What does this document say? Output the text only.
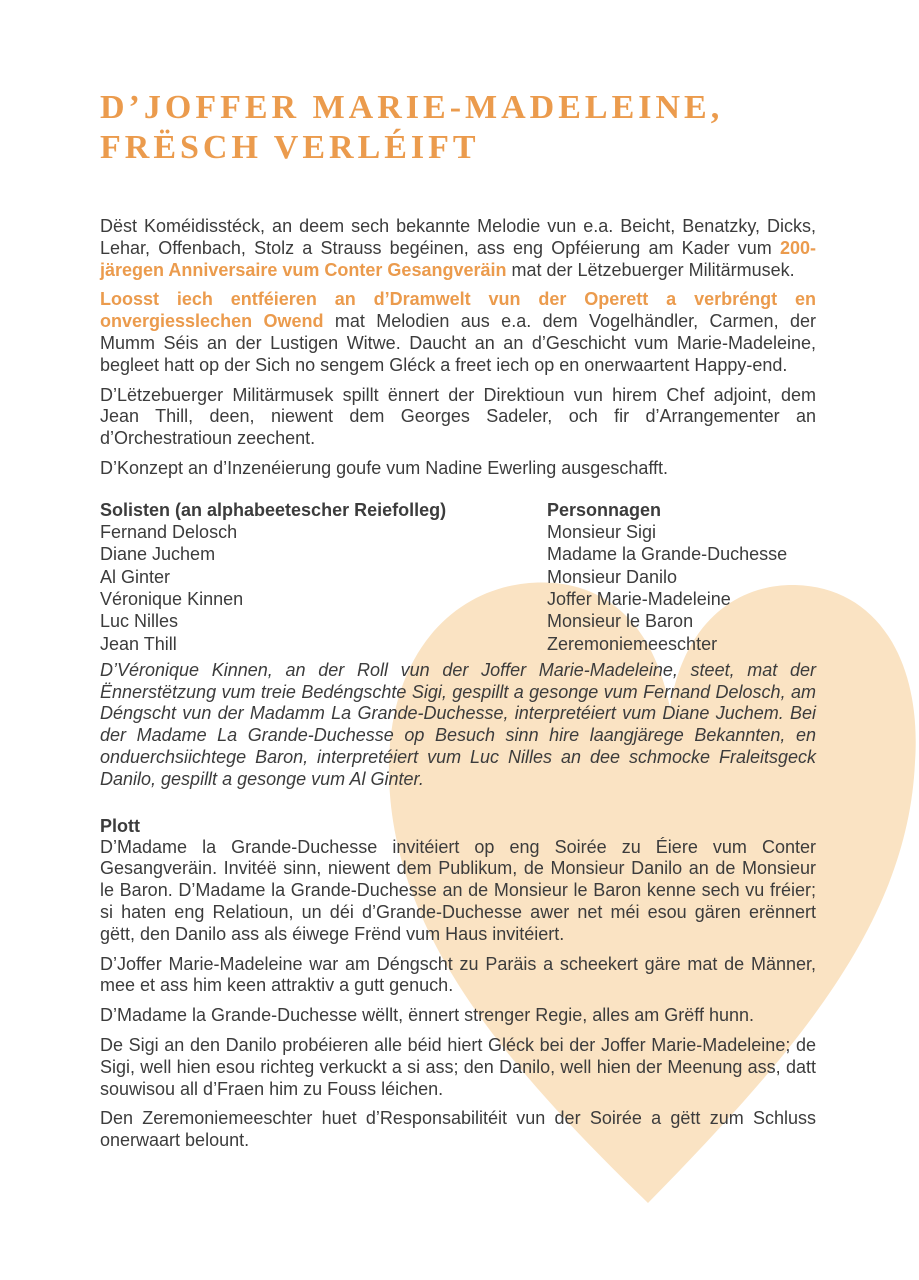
D’JOFFER MARIE-MADELEINE,
FRËSCH VERLÉIFT

Dëst Koméidisstéck, an deem sech bekannte Melodie vun e.a. Beicht, Benatzky, Dicks, Lehar, Offenbach, Stolz a Strauss begéinen, ass eng Opféierung am Kader vum 200-järegen Anniversaire vum Conter Gesangveräin mat der Lëtzebuerger Militärmusek.

Loosst iech entféieren an d’Dramwelt vun der Operett a verbréngt en onvergiesslechen Owend mat Melodien aus e.a. dem Vogelhändler, Carmen, der Mumm Séis an der Lustigen Witwe. Daucht an an d’Geschicht vum Marie-Madeleine, begleet hatt op der Sich no sengem Gléck a freet iech op en onerwaartent Happy-end.

D’Lëtzebuerger Militärmusek spillt ënnert der Direktioun vun hirem Chef adjoint, dem Jean Thill, deen, niewent dem Georges Sadeler, och fir d’Arrangementer an d’Orchestratioun zeechent.

D’Konzept an d’Inzenéierung goufe vum Nadine Ewerling ausgeschafft.

Solisten (an alphabeetescher Reiefolleg)
Fernand Delosch
Diane Juchem
Al Ginter
Véronique Kinnen
Luc Nilles
Jean Thill
Personnagen
Monsieur Sigi
Madame la Grande-Duchesse
Monsieur Danilo
Joffer Marie-Madeleine
Monsieur le Baron
Zeremoniemeeschter

D’Véronique Kinnen, an der Roll vun der Joffer Marie-Madeleine, steet, mat der Ënnerstëtzung vum treie Bedéngschte Sigi, gespillt a gesonge vum Fernand Delosch, am Déngscht vun der Madamm La Grande-Duchesse, interpretéiert vum Diane Juchem. Bei der Madame La Grande-Duchesse op Besuch sinn hire laangjärege Bekannten, en onduerchsiichtege Baron, interpretéiert vum Luc Nilles an dee schmocke Fraleitsgeck Danilo, gespillt a gesonge vum Al Ginter.

Plott

D’Madame la Grande-Duchesse invitéiert op eng Soirée zu Éiere vum Conter Gesangveräin. Invitéë sinn, niewent dem Publikum, de Monsieur Danilo an de Monsieur le Baron. D’Madame la Grande-Duchesse an de Monsieur le Baron kenne sech vu fréier; si haten eng Relatioun, un déi d’Grande-Duchesse awer net méi esou gären erënnert gëtt, den Danilo ass als éiwege Frënd vum Haus invitéiert.

D’Joffer Marie-Madeleine war am Déngscht zu Paräis a scheekert gäre mat de Männer, mee et ass him keen attraktiv a gutt genuch.

D’Madame la Grande-Duchesse wëllt, ënnert strenger Regie, alles am Grëff hunn.

De Sigi an den Danilo probéieren alle béid hiert Gléck bei der Joffer Marie-Madeleine; de Sigi, well hien esou richteg verkuckt a si ass; den Danilo, well hien der Meenung ass, datt souwisou all d’Fraen him zu Fouss léichen.

Den Zeremoniemeeschter huet d’Responsabilitéit vun der Soirée a gëtt zum Schluss onerwaart belount.
